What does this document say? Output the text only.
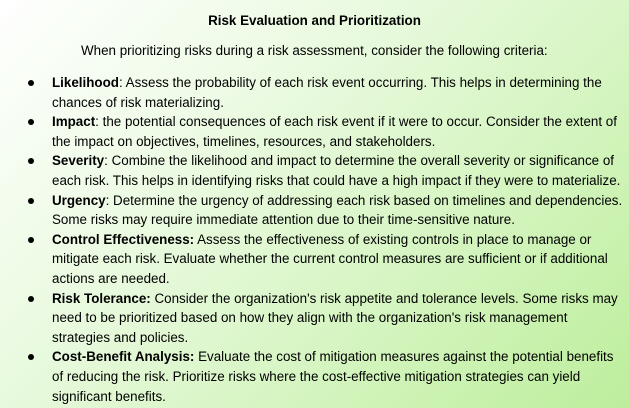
Risk Evaluation and Prioritization
When prioritizing risks during a risk assessment, consider the following criteria:
Likelihood: Assess the probability of each risk event occurring. This helps in determining the chances of risk materializing.
Impact: the potential consequences of each risk event if it were to occur. Consider the extent of the impact on objectives, timelines, resources, and stakeholders.
Severity: Combine the likelihood and impact to determine the overall severity or significance of each risk. This helps in identifying risks that could have a high impact if they were to materialize.
Urgency: Determine the urgency of addressing each risk based on timelines and dependencies. Some risks may require immediate attention due to their time-sensitive nature.
Control Effectiveness: Assess the effectiveness of existing controls in place to manage or mitigate each risk. Evaluate whether the current control measures are sufficient or if additional actions are needed.
Risk Tolerance: Consider the organization's risk appetite and tolerance levels. Some risks may need to be prioritized based on how they align with the organization's risk management strategies and policies.
Cost-Benefit Analysis: Evaluate the cost of mitigation measures against the potential benefits of reducing the risk. Prioritize risks where the cost-effective mitigation strategies can yield significant benefits.
